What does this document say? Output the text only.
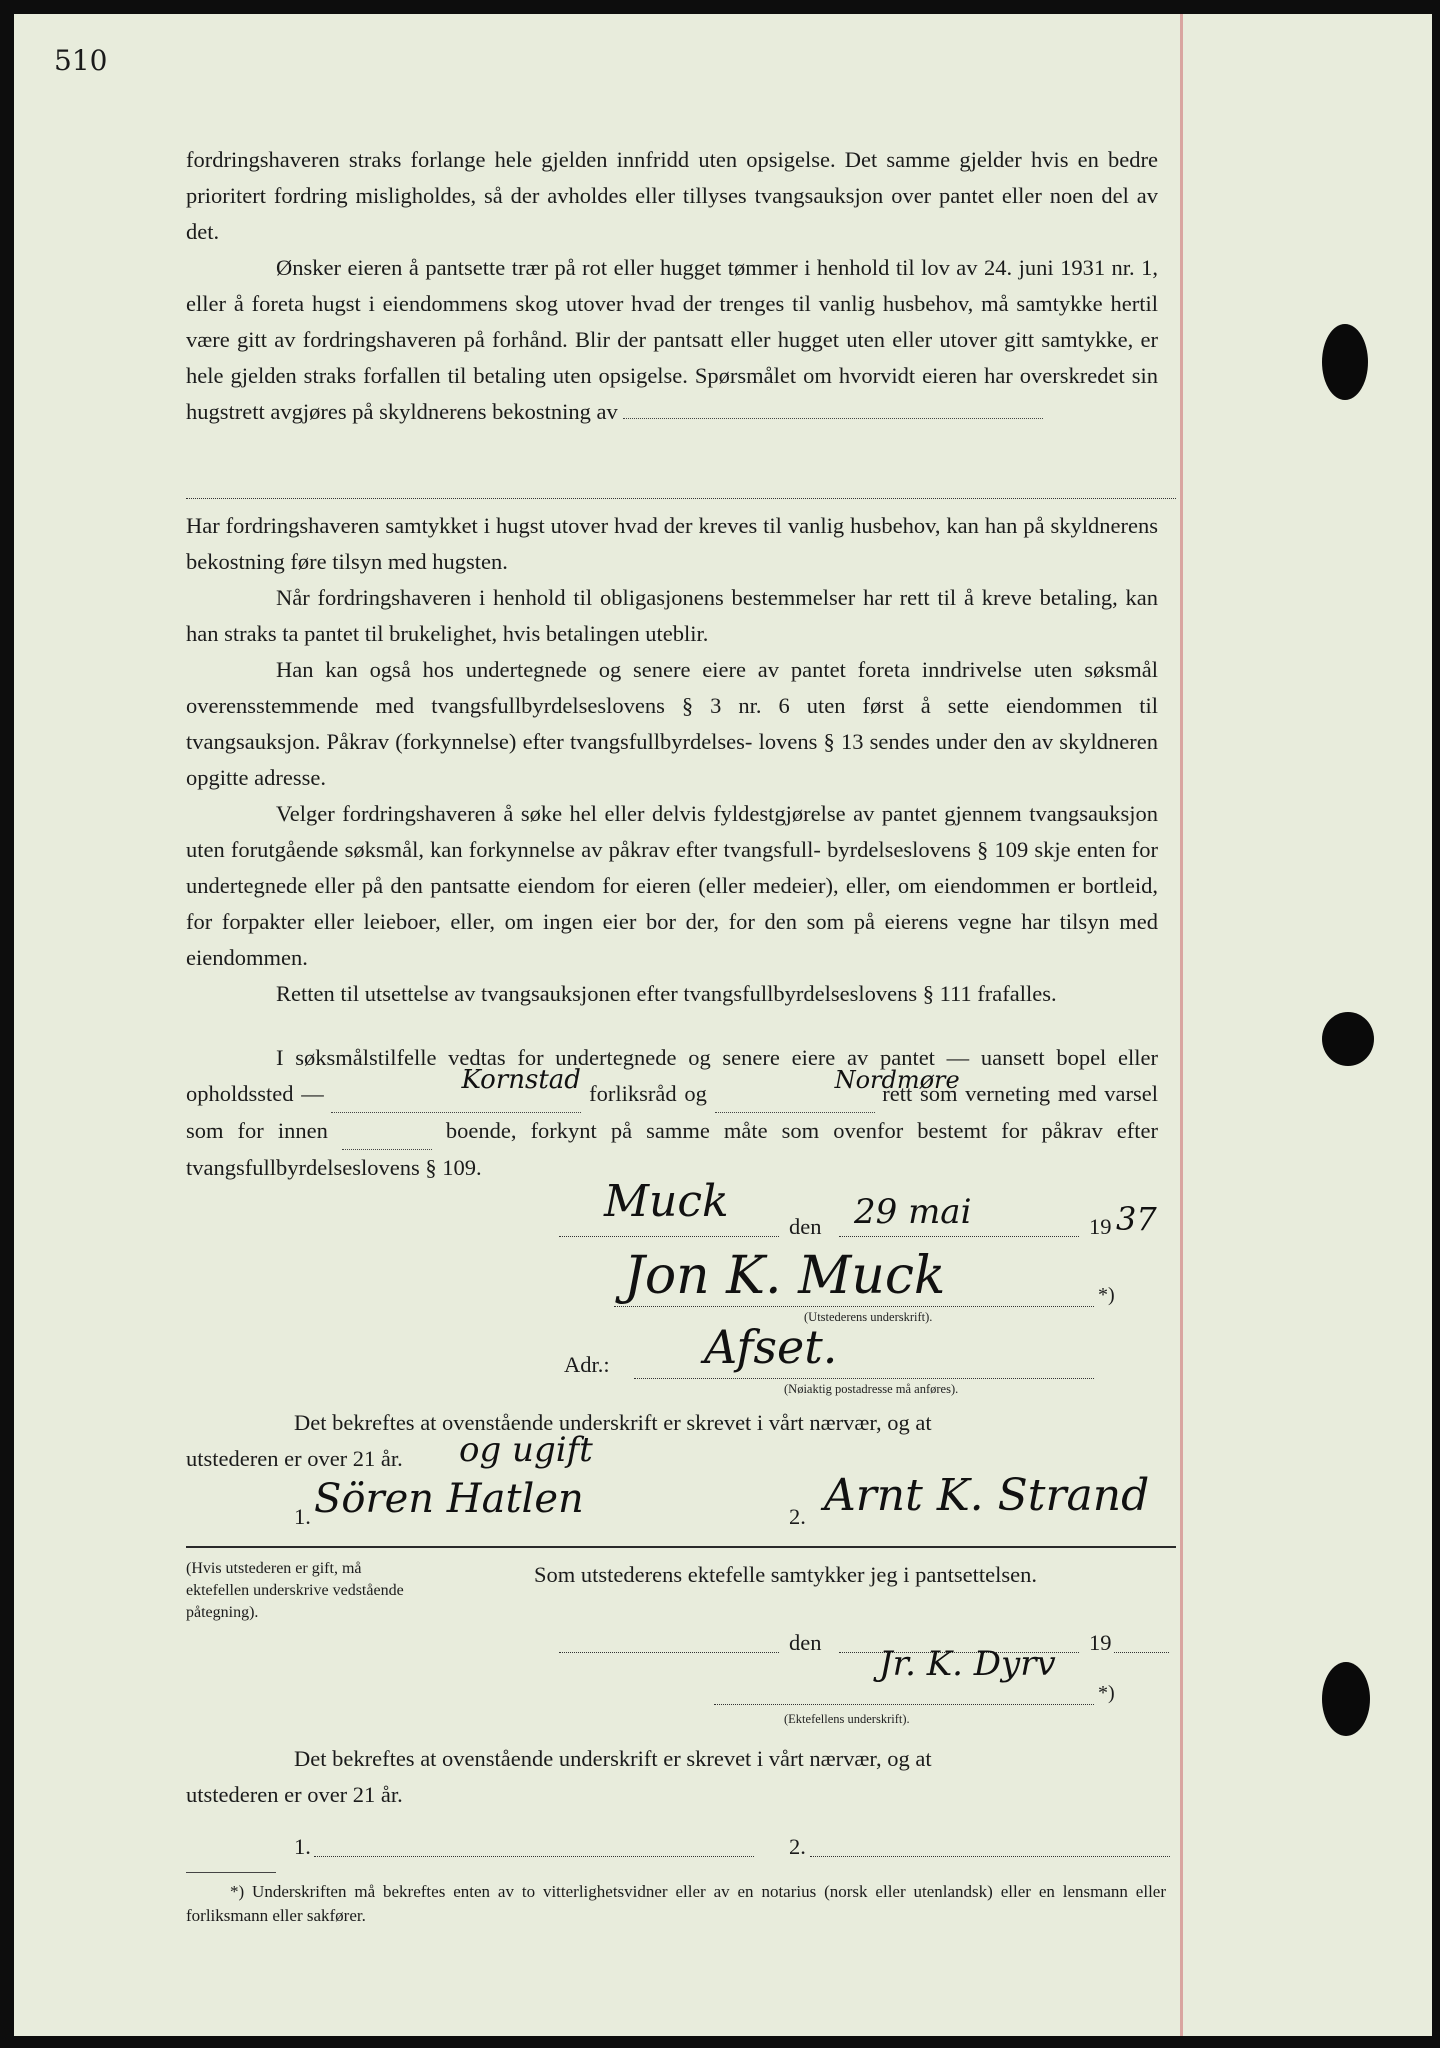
510

fordringshaveren straks forlange hele gjelden innfridd uten opsigelse. Det samme gjelder hvis en bedre prioritert fordring misligholdes, så der avholdes eller tillyses tvangsauksjon over pantet eller noen del av det.

Ønsker eieren å pantsette trær på rot eller hugget tømmer i henhold til lov av 24. juni 1931 nr. 1, eller å foreta hugst i eiendommens skog utover hvad der trenges til vanlig husbehov, må samtykke hertil være gitt av fordringshaveren på forhånd. Blir der pantsatt eller hugget uten eller utover gitt samtykke, er hele gjelden straks forfallen til betaling uten opsigelse. Spørsmålet om hvorvidt eieren har overskredet sin hugstrett avgjøres på skyldnerens bekostning av

Har fordringshaveren samtykket i hugst utover hvad der kreves til vanlig husbehov, kan han på skyldnerens bekostning føre tilsyn med hugsten.

Når fordringshaveren i henhold til obligasjonens bestemmelser har rett til å kreve betaling, kan han straks ta pantet til brukelighet, hvis betalingen uteblir.

Han kan også hos undertegnede og senere eiere av pantet foreta inndrivelse uten søksmål overensstemmende med tvangsfullbyrdelseslovens § 3 nr. 6 uten først å sette eiendommen til tvangsauksjon. Påkrav (forkynnelse) efter tvangsfullbyrdelses- lovens § 13 sendes under den av skyldneren opgitte adresse.

Velger fordringshaveren å søke hel eller delvis fyldestgjørelse av pantet gjennem tvangsauksjon uten forutgående søksmål, kan forkynnelse av påkrav efter tvangsfull- byrdelseslovens § 109 skje enten for undertegnede eller på den pantsatte eiendom for eieren (eller medeier), eller, om eiendommen er bortleid, for forpakter eller leieboer, eller, om ingen eier bor der, for den som på eierens vegne har tilsyn med eiendommen.

Retten til utsettelse av tvangsauksjonen efter tvangsfullbyrdelseslovens § 111 frafalles.

I søksmålstilfelle vedtas for undertegnede og senere eiere av pantet — uansett bopel eller opholdssted —	Kornstad forliksråd og	Nordmøre
rett som verneting med varsel som for innen	boende, forkynt på samme måte som ovenfor bestemt for påkrav efter tvangsfullbyrdelseslovens § 109.

Muck	den 29 mai	19 37
Jon K. Muck	*)
(Utstederens underskrift).
Adr.: Afset.
(Nøiaktig postadresse må anføres).
Det bekreftes at ovenstående underskrift er skrevet i vårt nærvær, og at
utstederen er over 21 år. og ugift
1. Sören Hatlen	2. Arnt K. Strand
(Hvis utstederen er gift, må ektefellen underskrive vedstående påtegning).
Som utstederens ektefelle samtykker jeg i pantsettelsen.
den	19
Jr. K. Dyrv
*)
(Ektefellens underskrift).
Det bekreftes at ovenstående underskrift er skrevet i vårt nærvær, og at
utstederen er over 21 år.
1.	2.
*) Underskriften må bekreftes enten av to vitterlighetsvidner eller av en notarius (norsk eller utenlandsk) eller en lensmann eller forliksmann eller sakfører.
